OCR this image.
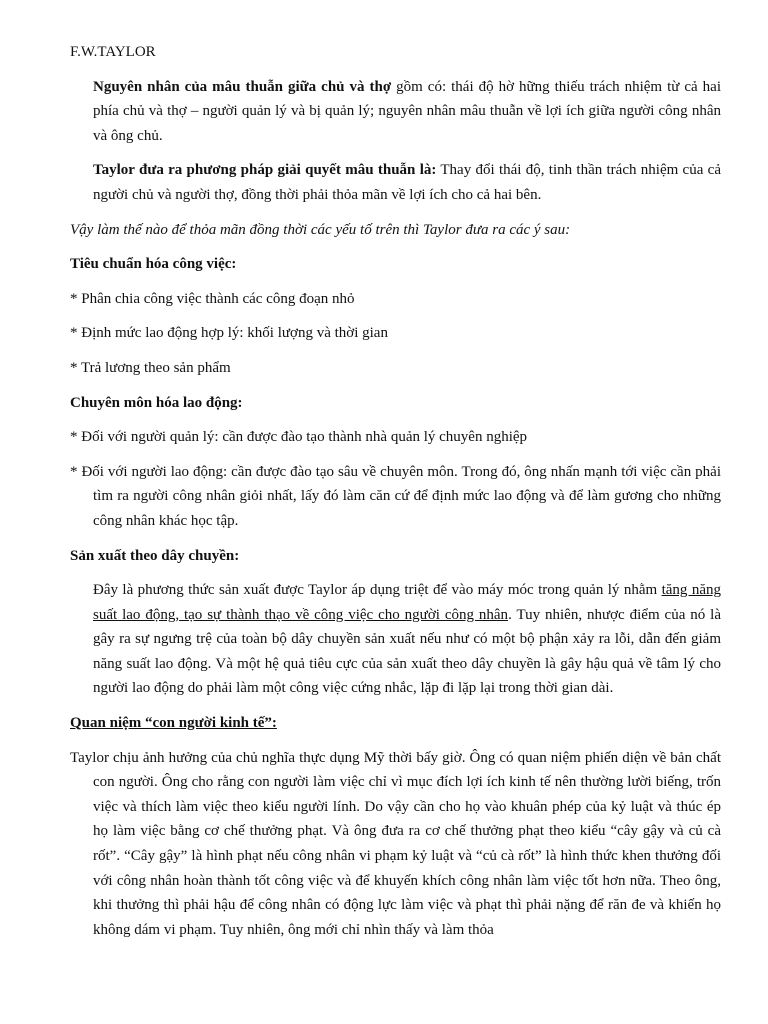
F.W.TAYLOR

Nguyên nhân của mâu thuẫn giữa chủ và thợ gồm có: thái độ hờ hững thiếu trách nhiệm từ cả hai phía chủ và thợ – người quản lý và bị quản lý; nguyên nhân mâu thuẫn về lợi ích giữa người công nhân và ông chủ.

Taylor đưa ra phương pháp giải quyết mâu thuẫn là: Thay đổi thái độ, tinh thần trách nhiệm của cả người chủ và người thợ, đồng thời phải thỏa mãn về lợi ích cho cả hai bên.

Vậy làm thế nào để thỏa mãn đồng thời các yếu tố trên thì Taylor đưa ra các ý sau:

Tiêu chuẩn hóa công việc:

* Phân chia công việc thành các công đoạn nhỏ

* Định mức lao động hợp lý: khối lượng và thời gian

* Trả lương theo sản phẩm

Chuyên môn hóa lao động:

* Đối với người quản lý: cần được đào tạo thành nhà quản lý chuyên nghiệp

* Đối với người lao động: cần được đào tạo sâu về chuyên môn. Trong đó, ông nhấn mạnh tới việc cần phải tìm ra người công nhân giỏi nhất, lấy đó làm căn cứ để định mức lao động và để làm gương cho những công nhân khác học tập.

Sản xuất theo dây chuyền:

Đây là phương thức sản xuất được Taylor áp dụng triệt để vào máy móc trong quản lý nhằm tăng năng suất lao động, tạo sự thành thạo về công việc cho người công nhân. Tuy nhiên, nhược điểm của nó là gây ra sự ngưng trệ của toàn bộ dây chuyền sản xuất nếu như có một bộ phận xảy ra lỗi, dẫn đến giảm năng suất lao động. Và một hệ quả tiêu cực của sản xuất theo dây chuyền là gây hậu quả về tâm lý cho người lao động do phải làm một công việc cứng nhắc, lặp đi lặp lại trong thời gian dài.

Quan niệm “con người kinh tế”:

Taylor chịu ảnh hưởng của chủ nghĩa thực dụng Mỹ thời bấy giờ. Ông có quan niệm phiến diện về bản chất con người. Ông cho rằng con người làm việc chỉ vì mục đích lợi ích kinh tế nên thường lười biếng, trốn việc và thích làm việc theo kiểu người lính. Do vậy cần cho họ vào khuân phép của kỷ luật và thúc ép họ làm việc bằng cơ chế thưởng phạt. Và ông đưa ra cơ chế thưởng phạt theo kiểu “cây gậy và củ cà rốt”. “Cây gậy” là hình phạt nếu công nhân vi phạm kỷ luật và “củ cà rốt” là hình thức khen thưởng đối với công nhân hoàn thành tốt công việc và để khuyến khích công nhân làm việc tốt hơn nữa. Theo ông, khi thưởng thì phải hậu để công nhân có động lực làm việc và phạt thì phải nặng để răn đe và khiến họ không dám vi phạm. Tuy nhiên, ông mới chỉ nhìn thấy và làm thỏa
